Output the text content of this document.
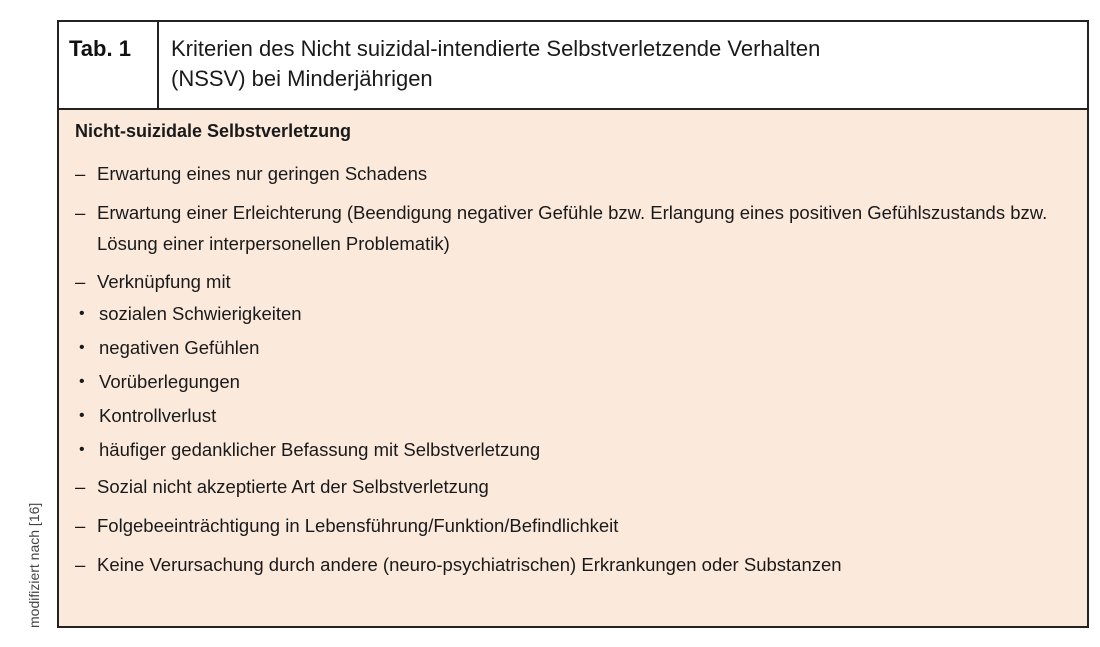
modifiziert nach [16]
Tab. 1	Kriterien des Nicht suizidal-intendierte Selbstverletzende Verhalten
(NSSV) bei Minderjährigen
Nicht-suizidale Selbstverletzung
– Erwartung eines nur geringen Schadens
– Erwartung einer Erleichterung (Beendigung negativer Gefühle bzw. Erlangung eines positiven Gefühlszustands bzw. Lösung einer interpersonellen Problematik)
– Verknüpfung mit
• sozialen Schwierigkeiten
• negativen Gefühlen
• Vorüberlegungen
• Kontrollverlust
• häufiger gedanklicher Befassung mit Selbstverletzung
– Sozial nicht akzeptierte Art der Selbstverletzung
– Folgebeeinträchtigung in Lebensführung/Funktion/Befindlichkeit
– Keine Verursachung durch andere (neuro-psychiatrischen) Erkrankungen oder Substanzen
